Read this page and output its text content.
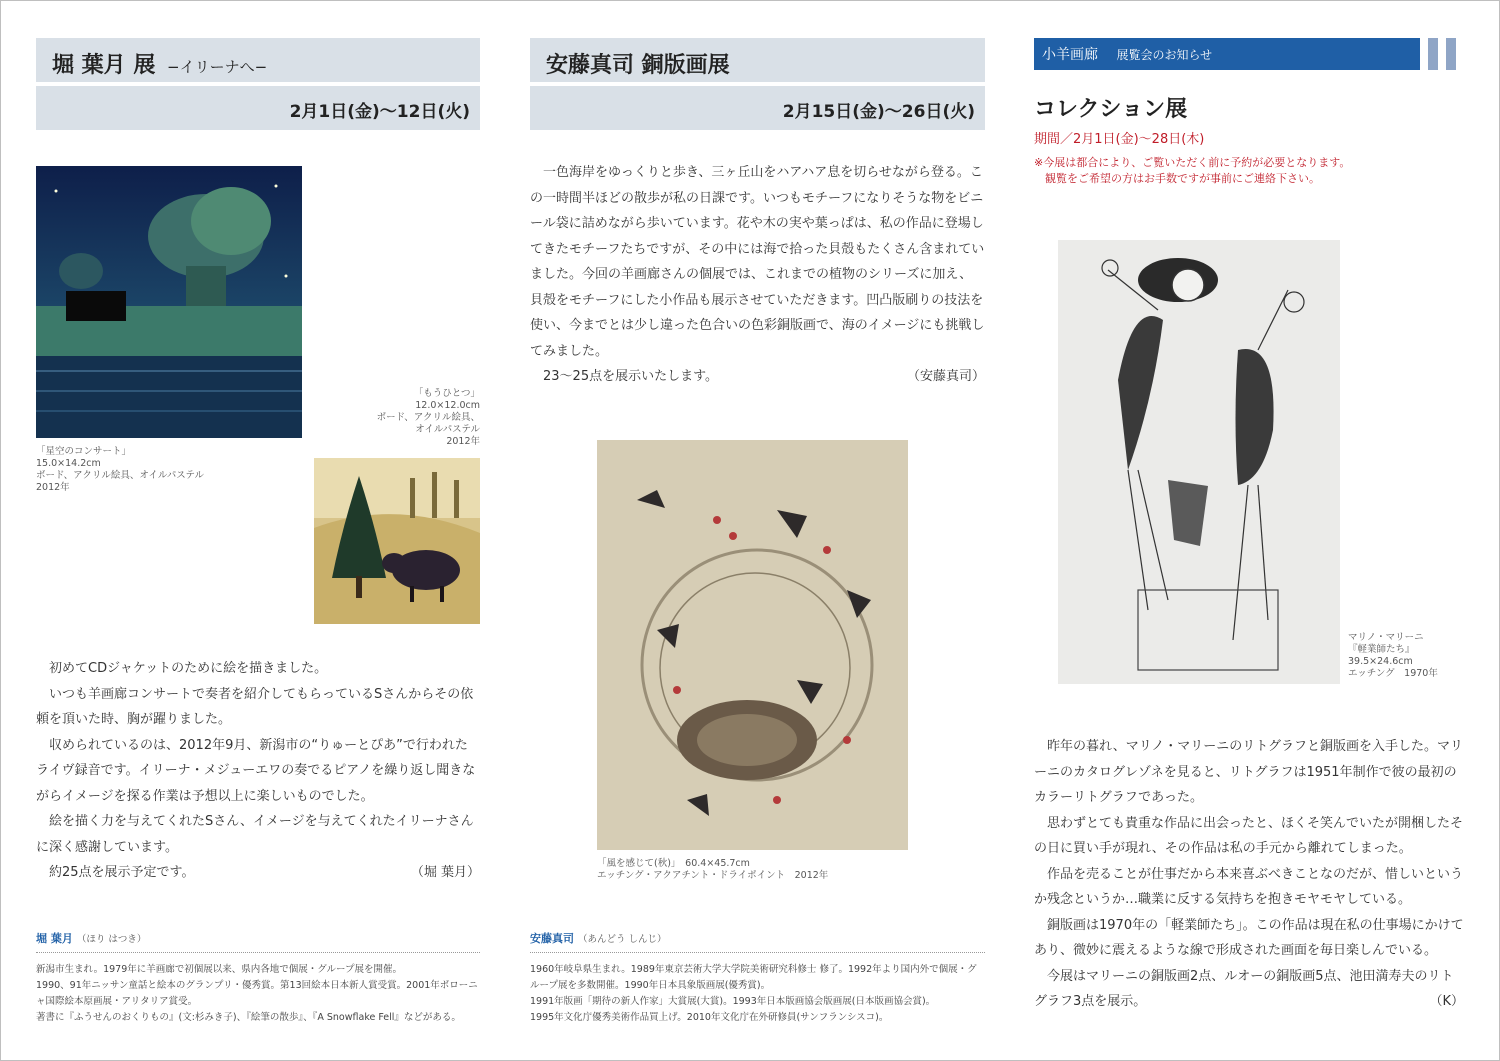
堀 葉月 展 −イリーナへ−
2月1日(金)〜12日(火)
「星空のコンサート」
15.0×14.2cm
ボード、アクリル絵具、オイルパステル
2012年
「もうひとつ」
12.0×12.0cm
ボード、アクリル絵具、
オイルパステル
2012年

初めてCDジャケットのために絵を描きました。

いつも羊画廊コンサートで奏者を紹介してもらっているSさんからその依頼を頂いた時、胸が躍りました。

収められているのは、2012年9月、新潟市の“りゅーとぴあ”で行われたライヴ録音です。イリーナ・メジューエワの奏でるピアノを繰り返し聞きながらイメージを探る作業は予想以上に楽しいものでした。

絵を描く力を与えてくれたSさん、イメージを与えてくれたイリーナさんに深く感謝しています。

約25点を展示予定です。	（堀 葉月）
堀 葉月 （ほり はつき）
新潟市生まれ。1979年に羊画廊で初個展以来、県内各地で個展・グループ展を開催。
1990、91年ニッサン童話と絵本のグランプリ・優秀賞。第13回絵本日本新人賞受賞。2001年ボローニャ国際絵本原画展・アリタリア賞受。
著書に『ふうせんのおくりもの』(文:杉みき子)、『絵筆の散歩』、『A Snowflake Fell』などがある。
安藤真司 銅版画展
2月15日(金)〜26日(火)

一色海岸をゆっくりと歩き、三ヶ丘山をハアハア息を切らせながら登る。この一時間半ほどの散歩が私の日課です。いつもモチーフになりそうな物をビニール袋に詰めながら歩いています。花や木の実や葉っぱは、私の作品に登場してきたモチーフたちですが、その中には海で拾った貝殻もたくさん含まれていました。今回の羊画廊さんの個展では、これまでの植物のシリーズに加え、貝殻をモチーフにした小作品も展示させていただきます。凹凸版刷りの技法を使い、今までとは少し違った色合いの色彩銅版画で、海のイメージにも挑戦してみました。

23〜25点を展示いたします。	（安藤真司）
「風を感じて(秋)」　60.4×45.7cm
エッチング・アクアチント・ドライポイント　2012年
安藤真司 （あんどう しんじ）
1960年岐阜県生まれ。1989年東京芸術大学大学院美術研究科修士 修了。1992年より国内外で個展・グループ展を多数開催。1990年日本具象版画展(優秀賞)。
1991年版画「期待の新人作家」大賞展(大賞)。1993年日本版画協会版画展(日本版画協会賞)。
1995年文化庁優秀美術作品買上げ。2010年文化庁在外研修員(サンフランシスコ)。
小羊画廊 展覧会のお知らせ
コレクション展
期間／2月1日(金)〜28日(木)
※今展は都合により、ご覧いただく前に予約が必要となります。
　観覧をご希望の方はお手数ですが事前にご連絡下さい。
マリノ・マリーニ
『軽業師たち』
39.5×24.6cm
エッチング　1970年

昨年の暮れ、マリノ・マリーニのリトグラフと銅版画を入手した。マリーニのカタログレゾネを見ると、リトグラフは1951年制作で彼の最初のカラーリトグラフであった。

思わずとても貴重な作品に出会ったと、ほくそ笑んでいたが開梱したその日に買い手が現れ、その作品は私の手元から離れてしまった。

作品を売ることが仕事だから本来喜ぶべきことなのだが、惜しいというか残念というか…職業に反する気持ちを抱きモヤモヤしている。

銅版画は1970年の「軽業師たち」。この作品は現在私の仕事場にかけてあり、微妙に震えるような線で形成された画面を毎日楽しんでいる。

今展はマリーニの銅版画2点、ルオーの銅版画5点、池田満寿夫のリトグラフ3点を展示。	（K）
